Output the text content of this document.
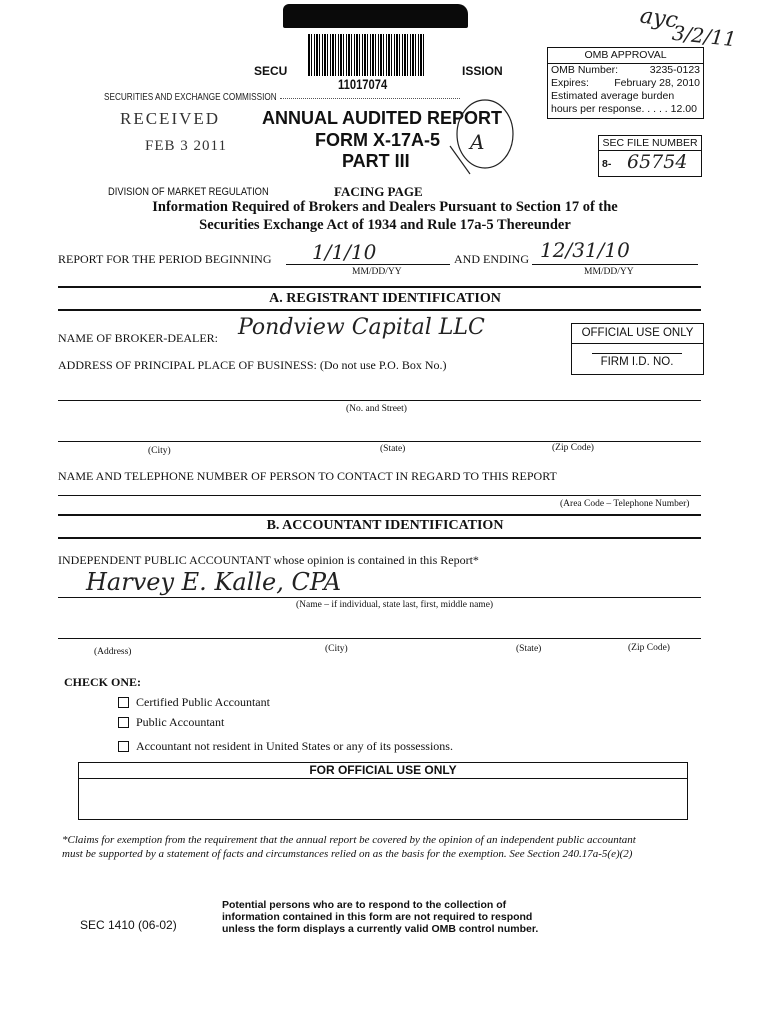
ayc
3/2/11
SECU	ISSION
11017074
SECURITIES AND EXCHANGE COMMISSION
RECEIVED
FEB 3 2011
DIVISION OF MARKET REGULATION
ANNUAL AUDITED REPORT
FORM X-17A-5
PART III
A
OMB APPROVAL
OMB Number:	3235-0123
Expires: February 28, 2010
Estimated average burden
hours per response. . . . . 12.00
SEC FILE NUMBER
8- 65754
FACING PAGE
Information Required of Brokers and Dealers Pursuant to Section 17 of the
Securities Exchange Act of 1934 and Rule 17a-5 Thereunder
REPORT FOR THE PERIOD BEGINNING 1/1/10
MM/DD/YY
AND ENDING 12/31/10
MM/DD/YY
A. REGISTRANT IDENTIFICATION
NAME OF BROKER-DEALER: Pondview Capital LLC	OFFICIAL USE ONLY
FIRM I.D. NO.
ADDRESS OF PRINCIPAL PLACE OF BUSINESS: (Do not use P.O. Box No.)
(No. and Street)
(City)	(State)	(Zip Code)
NAME AND TELEPHONE NUMBER OF PERSON TO CONTACT IN REGARD TO THIS REPORT
(Area Code – Telephone Number)
B. ACCOUNTANT IDENTIFICATION
INDEPENDENT PUBLIC ACCOUNTANT whose opinion is contained in this Report*
Harvey E. Kalle, CPA
(Name – if individual, state last, first, middle name)
(Address)	(City)	(State)	(Zip Code)
CHECK ONE:
Certified Public Accountant
Public Accountant
Accountant not resident in United States or any of its possessions.
FOR OFFICIAL USE ONLY
*Claims for exemption from the requirement that the annual report be covered by the opinion of an independent public accountant
must be supported by a statement of facts and circumstances relied on as the basis for the exemption. See Section 240.17a-5(e)(2)
SEC 1410 (06-02)
Potential persons who are to respond to the collection of
information contained in this form are not required to respond
unless the form displays a currently valid OMB control number.
